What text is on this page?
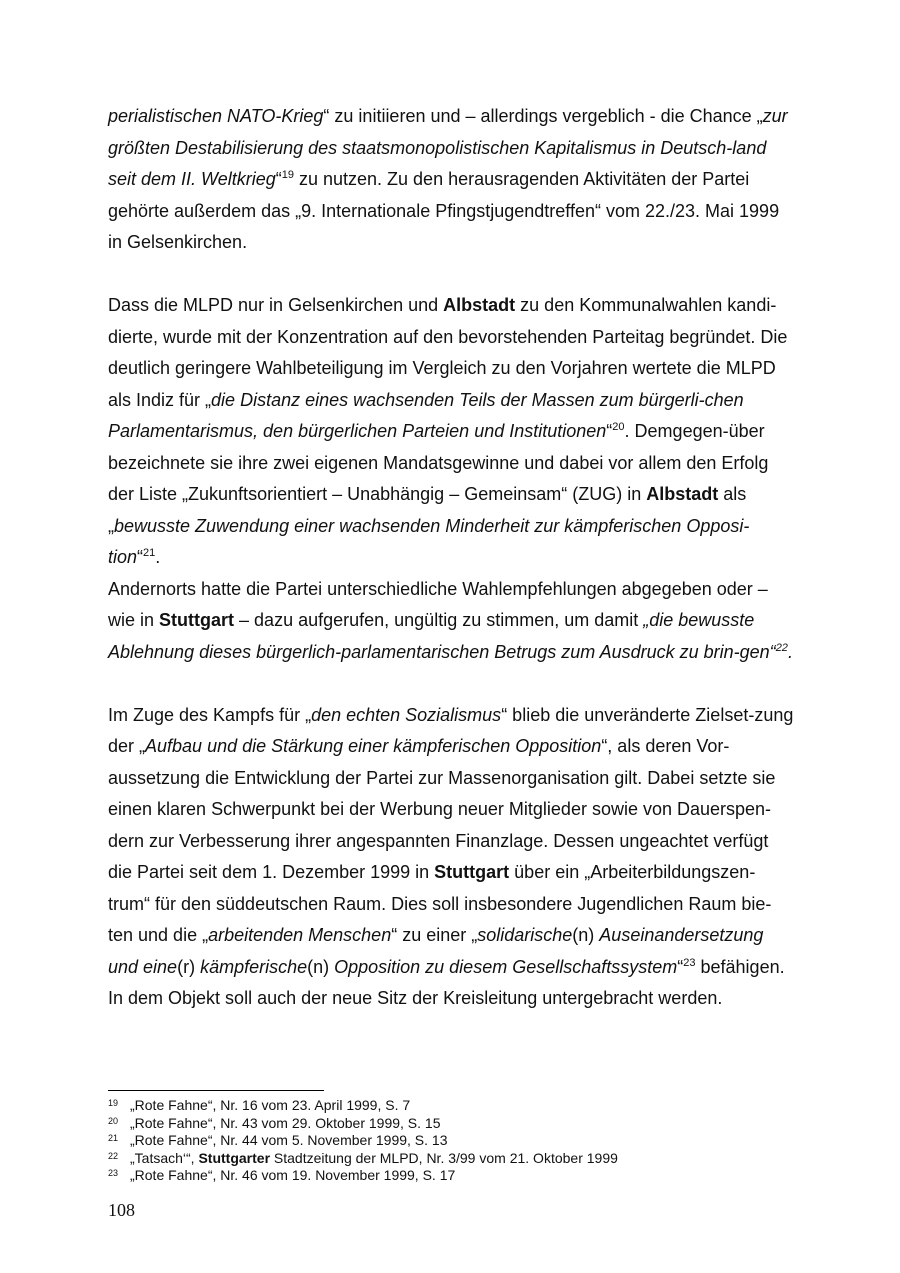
perialistischen NATO-Krieg“ zu initiieren und – allerdings vergeblich - die Chance „zur größten Destabilisierung des staatsmonopolistischen Kapitalismus in Deutsch-land seit dem II. Weltkrieg“$^{19}$ zu nutzen. Zu den herausragenden Aktivitäten der Partei gehörte außerdem das „9. Internationale Pfingstjugendtreffen“ vom 22./23. Mai 1999 in Gelsenkirchen.

Dass die MLPD nur in Gelsenkirchen und Albstadt zu den Kommunalwahlen kandi-dierte, wurde mit der Konzentration auf den bevorstehenden Parteitag begründet. Die deutlich geringere Wahlbeteiligung im Vergleich zu den Vorjahren wertete die MLPD als Indiz für „die Distanz eines wachsenden Teils der Massen zum bürgerli-chen Parlamentarismus, den bürgerlichen Parteien und Institutionen“$^{20}$. Demgegen-über bezeichnete sie ihre zwei eigenen Mandatsgewinne und dabei vor allem den Erfolg der Liste „Zukunftsorientiert – Unabhängig – Gemeinsam“ (ZUG) in Albstadt als „bewusste Zuwendung einer wachsenden Minderheit zur kämpferischen Opposi-tion“$^{21}$.

Andernorts hatte die Partei unterschiedliche Wahlempfehlungen abgegeben oder – wie in Stuttgart – dazu aufgerufen, ungültig zu stimmen, um damit „die bewusste Ablehnung dieses bürgerlich-parlamentarischen Betrugs zum Ausdruck zu brin-gen“$^{22}$.

Im Zuge des Kampfs für „den echten Sozialismus“ blieb die unveränderte Zielset-zung der „Aufbau und die Stärkung einer kämpferischen Opposition“, als deren Vor-aussetzung die Entwicklung der Partei zur Massenorganisation gilt. Dabei setzte sie einen klaren Schwerpunkt bei der Werbung neuer Mitglieder sowie von Dauerspen-dern zur Verbesserung ihrer angespannten Finanzlage. Dessen ungeachtet verfügt die Partei seit dem 1. Dezember 1999 in Stuttgart über ein „Arbeiterbildungszen-trum“ für den süddeutschen Raum. Dies soll insbesondere Jugendlichen Raum bie-ten und die „arbeitenden Menschen“ zu einer „solidarische(n) Auseinandersetzung und eine(r) kämpferische(n) Opposition zu diesem Gesellschaftssystem“$^{23}$ befähigen. In dem Objekt soll auch der neue Sitz der Kreisleitung untergebracht werden.

19 „Rote Fahne“, Nr. 16 vom 23. April 1999, S. 7
20 „Rote Fahne“, Nr. 43 vom 29. Oktober 1999, S. 15
21 „Rote Fahne“, Nr. 44 vom 5. November 1999, S. 13
22 „Tatsach‘“, Stuttgarter Stadtzeitung der MLPD, Nr. 3/99 vom 21. Oktober 1999
23 „Rote Fahne“, Nr. 46 vom 19. November 1999, S. 17
108
